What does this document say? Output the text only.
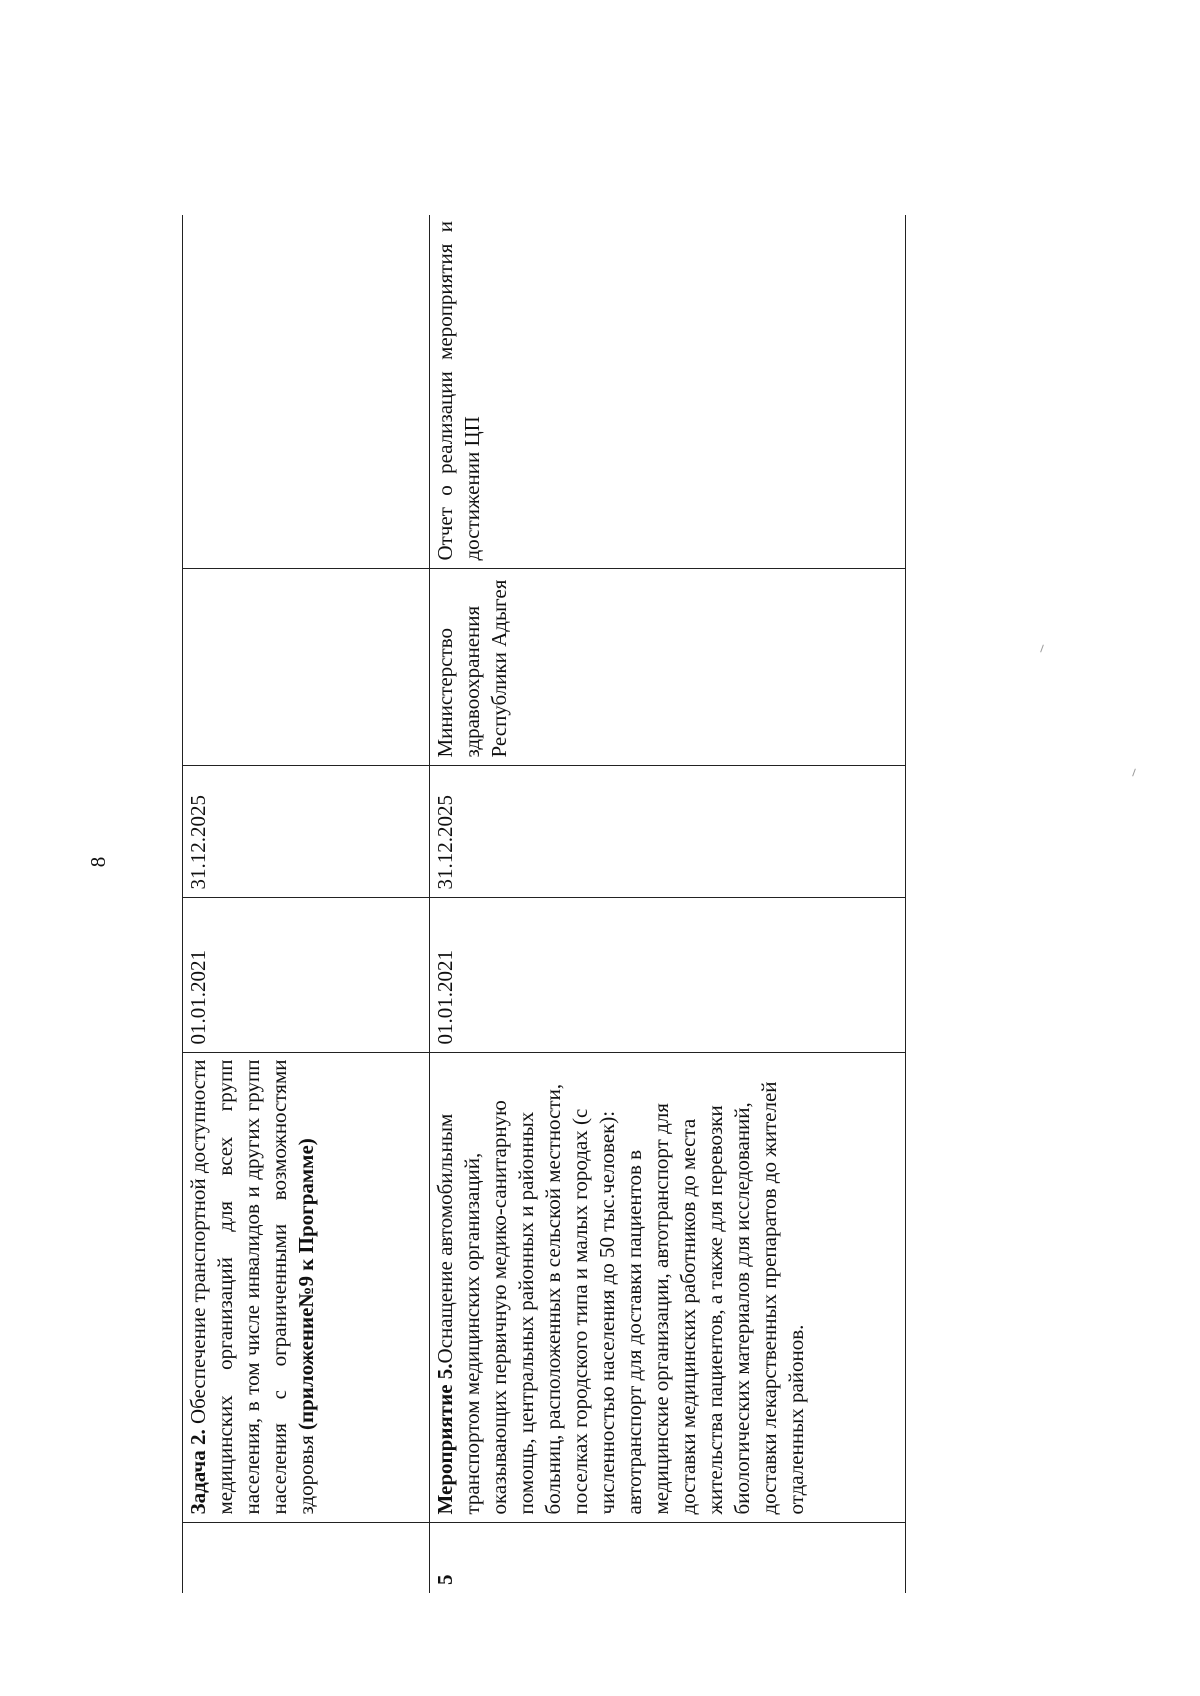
8
	Задача 2. Обеспечение транспортной доступности медицинских организаций для всех групп населения, в том числе инвалидов и других групп населения с ограниченными возможностями здоровья (приложение№9 к Программе)	01.01.2021	31.12.2025		
5	Мероприятие 5.Оснащение автомобильным транспортом медицинских организаций, оказывающих первичную медико-санитарную помощь, центральных районных и районных больниц, расположенных в сельской местности, поселках городского типа и малых городах (с численностью населения до 50 тыс.человек): автотранспорт для доставки пациентов в медицинские организации, автотранспорт для доставки медицинских работников до места жительства пациентов, а также для перевозки биологических материалов для исследований, доставки лекарственных препаратов до жителей отдаленных районов.	01.01.2021	31.12.2025	Министерство здравоохранения Республики Адыгея	Отчет о реализации мероприятия и достижении ЦП
